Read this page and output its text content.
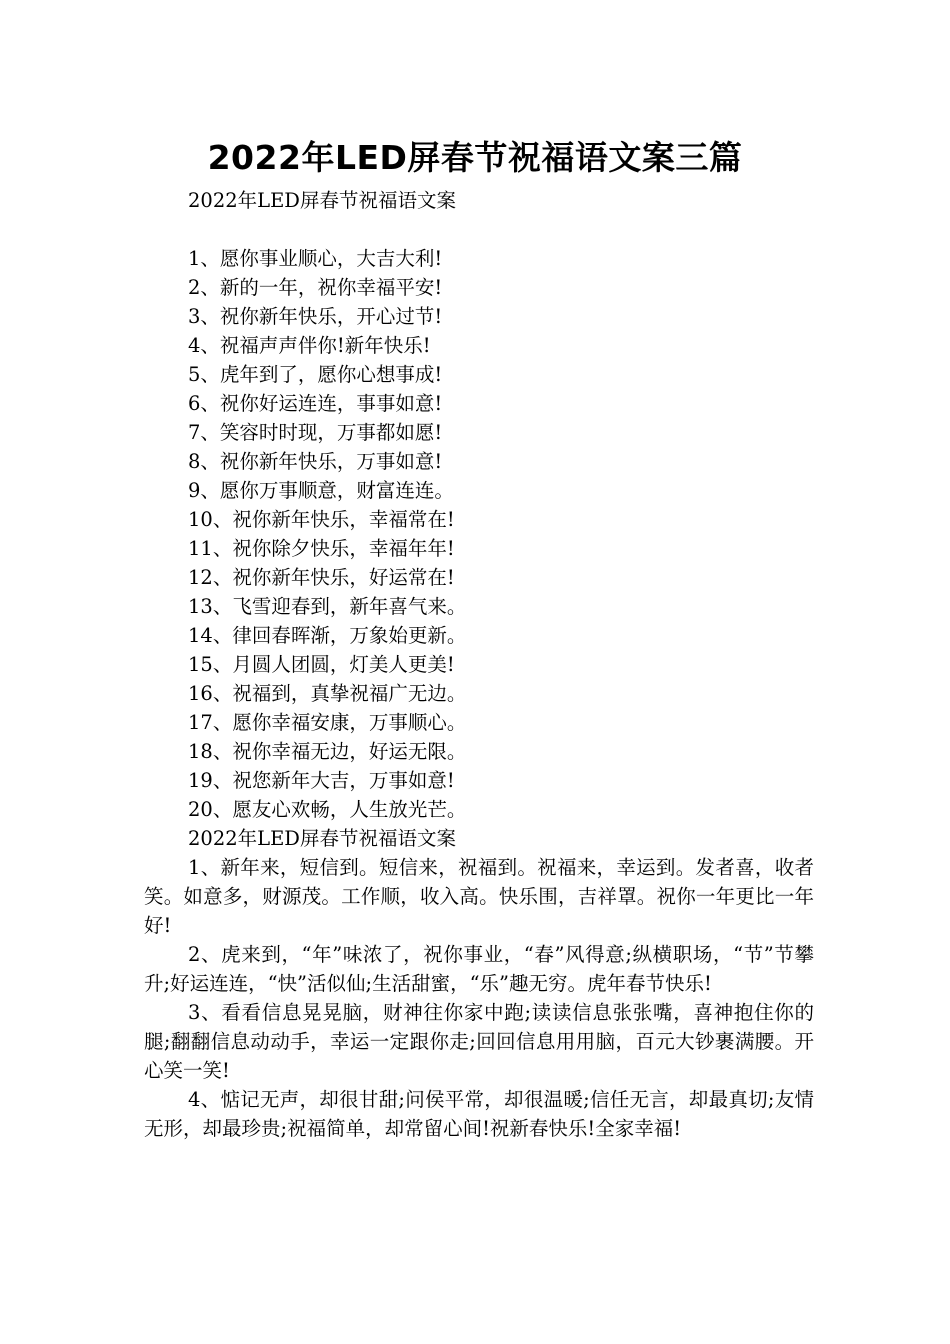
2022年LED屏春节祝福语文案三篇
2022年LED屏春节祝福语文案
1、愿你事业顺心，大吉大利!
2、新的一年，祝你幸福平安!
3、祝你新年快乐，开心过节!
4、祝福声声伴你!新年快乐!
5、虎年到了，愿你心想事成!
6、祝你好运连连，事事如意!
7、笑容时时现，万事都如愿!
8、祝你新年快乐，万事如意!
9、愿你万事顺意，财富连连。
10、祝你新年快乐，幸福常在!
11、祝你除夕快乐，幸福年年!
12、祝你新年快乐，好运常在!
13、飞雪迎春到，新年喜气来。
14、律回春晖渐，万象始更新。
15、月圆人团圆，灯美人更美!
16、祝福到，真挚祝福广无边。
17、愿你幸福安康，万事顺心。
18、祝你幸福无边，好运无限。
19、祝您新年大吉，万事如意!
20、愿友心欢畅，人生放光芒。
2022年LED屏春节祝福语文案

1、新年来，短信到。短信来，祝福到。祝福来，幸运到。发者喜，收者笑。如意多，财源茂。工作顺，收入高。快乐围，吉祥罩。祝你一年更比一年好!

2、虎来到，“年”味浓了，祝你事业，“春”风得意;纵横职场，“节”节攀升;好运连连，“快”活似仙;生活甜蜜，“乐”趣无穷。虎年春节快乐!

3、看看信息晃晃脑，财神往你家中跑;读读信息张张嘴，喜神抱住你的腿;翻翻信息动动手，幸运一定跟你走;回回信息用用脑，百元大钞裹满腰。开心笑一笑!

4、惦记无声，却很甘甜;问侯平常，却很温暖;信任无言，却最真切;友情无形，却最珍贵;祝福简单，却常留心间!祝新春快乐!全家幸福!
